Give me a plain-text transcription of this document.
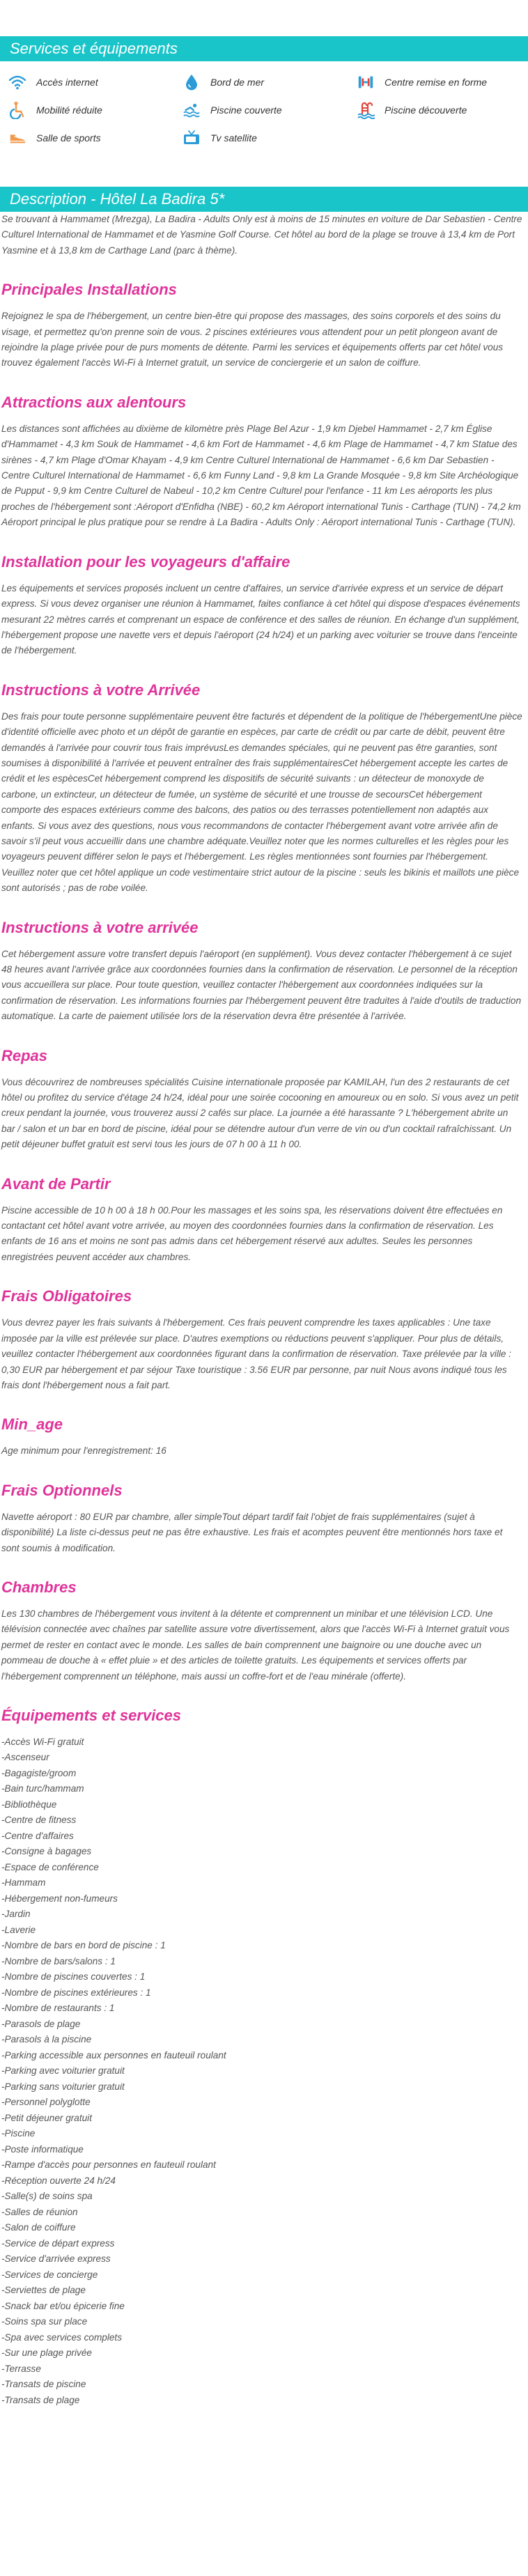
Services et équipements
Accès internet	Bord de mer	Centre remise en forme
Mobilité réduite	Piscine couverte	Piscine découverte
Salle de sports	Tv satellite
Description - Hôtel La Badira 5*

Se trouvant à Hammamet (Mrezga), La Badira - Adults Only est à moins de 15 minutes en voiture de Dar Sebastien - Centre Culturel International de Hammamet et de Yasmine Golf Course. Cet hôtel au bord de la plage se trouve à 13,4 km de Port Yasmine et à 13,8 km de Carthage Land (parc à thème).

Principales Installations

Rejoignez le spa de l'hébergement, un centre bien-être qui propose des massages, des soins corporels et des soins du visage, et permettez qu'on prenne soin de vous. 2 piscines extérieures vous attendent pour un petit plongeon avant de rejoindre la plage privée pour de purs moments de détente. Parmi les services et équipements offerts par cet hôtel vous trouvez également l'accès Wi-Fi à Internet gratuit, un service de conciergerie et un salon de coiffure.

Attractions aux alentours

Les distances sont affichées au dixième de kilomètre près Plage Bel Azur - 1,9 km Djebel Hammamet - 2,7 km Église d'Hammamet - 4,3 km Souk de Hammamet - 4,6 km Fort de Hammamet - 4,6 km Plage de Hammamet - 4,7 km Statue des sirènes - 4,7 km Plage d'Omar Khayam - 4,9 km Centre Culturel International de Hammamet - 6,6 km Dar Sebastien - Centre Culturel International de Hammamet - 6,6 km Funny Land - 9,8 km La Grande Mosquée - 9,8 km Site Archéologique de Pupput - 9,9 km Centre Culturel de Nabeul - 10,2 km Centre Culturel pour l'enfance - 11 km Les aéroports les plus proches de l'hébergement sont :Aéroport d'Enfidha (NBE) - 60,2 km Aéroport international Tunis - Carthage (TUN) - 74,2 km Aéroport principal le plus pratique pour se rendre à La Badira - Adults Only : Aéroport international Tunis - Carthage (TUN).

Installation pour les voyageurs d'affaire

Les équipements et services proposés incluent un centre d'affaires, un service d'arrivée express et un service de départ express. Si vous devez organiser une réunion à Hammamet, faites confiance à cet hôtel qui dispose d'espaces événements mesurant 22 mètres carrés et comprenant un espace de conférence et des salles de réunion. En échange d'un supplément, l'hébergement propose une navette vers et depuis l'aéroport (24 h/24) et un parking avec voiturier se trouve dans l'enceinte de l'hébergement.

Instructions à votre Arrivée

Des frais pour toute personne supplémentaire peuvent être facturés et dépendent de la politique de l'hébergementUne pièce d'identité officielle avec photo et un dépôt de garantie en espèces, par carte de crédit ou par carte de débit, peuvent être demandés à l'arrivée pour couvrir tous frais imprévusLes demandes spéciales, qui ne peuvent pas être garanties, sont soumises à disponibilité à l'arrivée et peuvent entraîner des frais supplémentairesCet hébergement accepte les cartes de crédit et les espècesCet hébergement comprend les dispositifs de sécurité suivants : un détecteur de monoxyde de carbone, un extincteur, un détecteur de fumée, un système de sécurité et une trousse de secoursCet hébergement comporte des espaces extérieurs comme des balcons, des patios ou des terrasses potentiellement non adaptés aux enfants. Si vous avez des questions, nous vous recommandons de contacter l'hébergement avant votre arrivée afin de savoir s'il peut vous accueillir dans une chambre adéquate.Veuillez noter que les normes culturelles et les règles pour les voyageurs peuvent différer selon le pays et l'hébergement. Les règles mentionnées sont fournies par l'hébergement. Veuillez noter que cet hôtel applique un code vestimentaire strict autour de la piscine : seuls les bikinis et maillots une pièce sont autorisés ; pas de robe voilée.

Instructions à votre arrivée

Cet hébergement assure votre transfert depuis l'aéroport (en supplément). Vous devez contacter l'hébergement à ce sujet 48 heures avant l'arrivée grâce aux coordonnées fournies dans la confirmation de réservation. Le personnel de la réception vous accueillera sur place. Pour toute question, veuillez contacter l'hébergement aux coordonnées indiquées sur la confirmation de réservation. Les informations fournies par l'hébergement peuvent être traduites à l'aide d'outils de traduction automatique. La carte de paiement utilisée lors de la réservation devra être présentée à l'arrivée.

Repas

Vous découvrirez de nombreuses spécialités Cuisine internationale proposée par KAMILAH, l'un des 2 restaurants de cet hôtel ou profitez du service d'étage 24 h/24, idéal pour une soirée cocooning en amoureux ou en solo. Si vous avez un petit creux pendant la journée, vous trouverez aussi 2 cafés sur place. La journée a été harassante ? L'hébergement abrite un bar / salon et un bar en bord de piscine, idéal pour se détendre autour d'un verre de vin ou d'un cocktail rafraîchissant. Un petit déjeuner buffet gratuit est servi tous les jours de 07 h 00 à 11 h 00.

Avant de Partir

Piscine accessible de 10 h 00 à 18 h 00.Pour les massages et les soins spa, les réservations doivent être effectuées en contactant cet hôtel avant votre arrivée, au moyen des coordonnées fournies dans la confirmation de réservation. Les enfants de 16 ans et moins ne sont pas admis dans cet hébergement réservé aux adultes. Seules les personnes enregistrées peuvent accéder aux chambres.

Frais Obligatoires

Vous devrez payer les frais suivants à l'hébergement. Ces frais peuvent comprendre les taxes applicables : Une taxe imposée par la ville est prélevée sur place. D'autres exemptions ou réductions peuvent s'appliquer. Pour plus de détails, veuillez contacter l'hébergement aux coordonnées figurant dans la confirmation de réservation. Taxe prélevée par la ville : 0,30 EUR par hébergement et par séjour Taxe touristique : 3.56 EUR par personne, par nuit Nous avons indiqué tous les frais dont l'hébergement nous a fait part.

Min_age

Age minimum pour l'enregistrement: 16

Frais Optionnels

Navette aéroport : 80 EUR par chambre, aller simpleTout départ tardif fait l'objet de frais supplémentaires (sujet à disponibilité) La liste ci-dessus peut ne pas être exhaustive. Les frais et acomptes peuvent être mentionnés hors taxe et sont soumis à modification.

Chambres

Les 130 chambres de l'hébergement vous invitent à la détente et comprennent un minibar et une télévision LCD. Une télévision connectée avec chaînes par satellite assure votre divertissement, alors que l'accès Wi-Fi à Internet gratuit vous permet de rester en contact avec le monde. Les salles de bain comprennent une baignoire ou une douche avec un pommeau de douche à « effet pluie » et des articles de toilette gratuits. Les équipements et services offerts par l'hébergement comprennent un téléphone, mais aussi un coffre-fort et de l'eau minérale (offerte).

Équipements et services
-Accès Wi-Fi gratuit
-Ascenseur
-Bagagiste/groom
-Bain turc/hammam
-Bibliothèque
-Centre de fitness
-Centre d'affaires
-Consigne à bagages
-Espace de conférence
-Hammam
-Hébergement non-fumeurs
-Jardin
-Laverie
-Nombre de bars en bord de piscine : 1
-Nombre de bars/salons : 1
-Nombre de piscines couvertes : 1
-Nombre de piscines extérieures : 1
-Nombre de restaurants : 1
-Parasols de plage
-Parasols à la piscine
-Parking accessible aux personnes en fauteuil roulant
-Parking avec voiturier gratuit
-Parking sans voiturier gratuit
-Personnel polyglotte
-Petit déjeuner gratuit
-Piscine
-Poste informatique
-Rampe d'accès pour personnes en fauteuil roulant
-Réception ouverte 24 h/24
-Salle(s) de soins spa
-Salles de réunion
-Salon de coiffure
-Service de départ express
-Service d'arrivée express
-Services de concierge
-Serviettes de plage
-Snack bar et/ou épicerie fine
-Soins spa sur place
-Spa avec services complets
-Sur une plage privée
-Terrasse
-Transats de piscine
-Transats de plage
